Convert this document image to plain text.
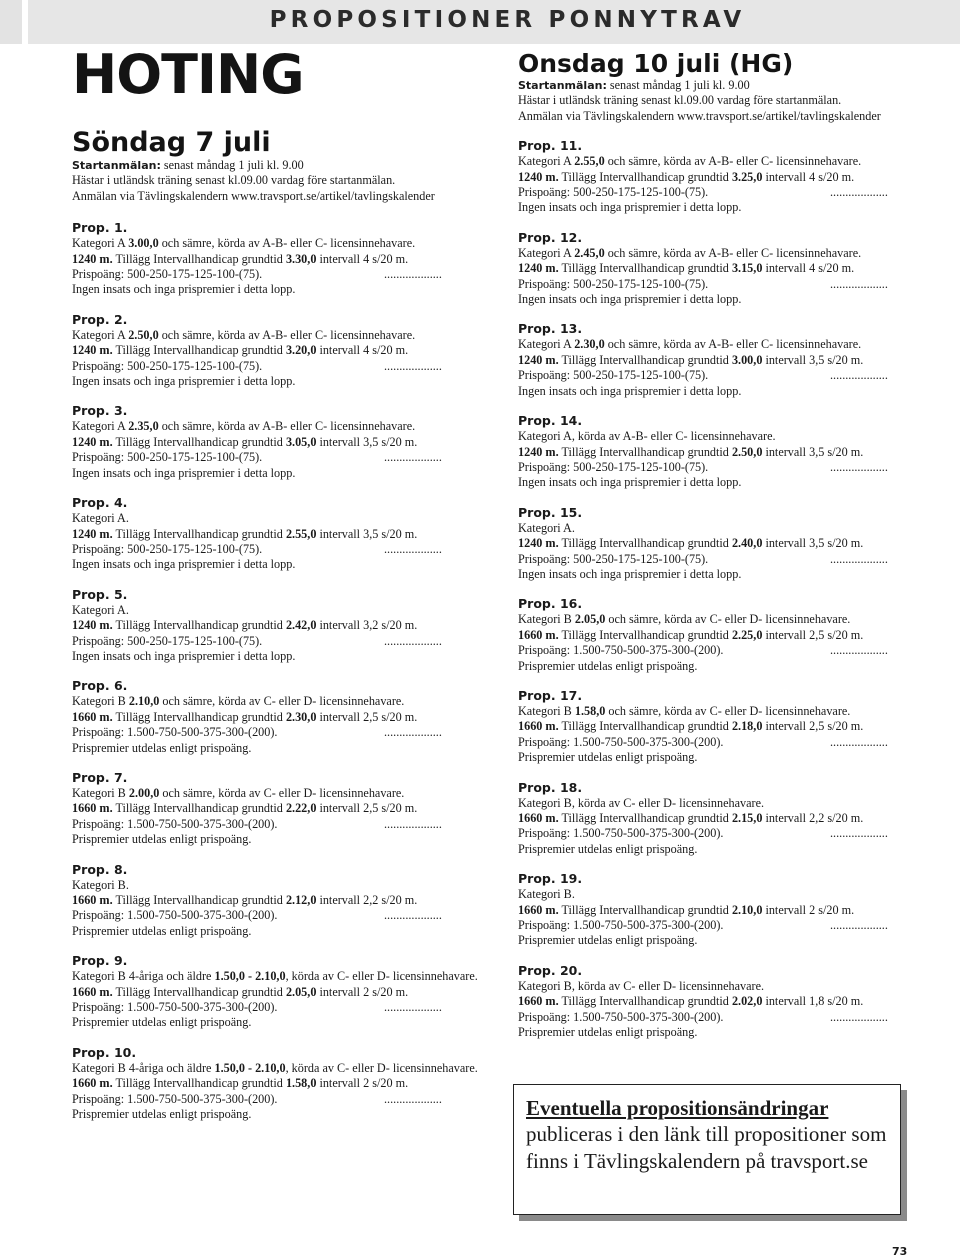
PROPOSITIONER PONNYTRAV
HOTING
Söndag 7 juli
Startanmälan: senast måndag 1 juli kl. 9.00
Hästar i utländsk träning senast kl.09.00 vardag före startanmälan.
Anmälan via Tävlingskalendern www.travsport.se/artikel/tavlingskalender
Prop. 1.
Kategori A 3.00,0 och sämre, körda av A-B- eller C- licensinnehavare.
1240 m. Tillägg Intervallhandicap grundtid 3.30,0 intervall 4 s/20 m.
Prispoäng: 500-250-175-125-100-(75).	...................
Ingen insats och inga prispremier i detta lopp.
Prop. 2.
Kategori A 2.50,0 och sämre, körda av A-B- eller C- licensinnehavare.
1240 m. Tillägg Intervallhandicap grundtid 3.20,0 intervall 4 s/20 m.
Prispoäng: 500-250-175-125-100-(75).	...................
Ingen insats och inga prispremier i detta lopp.
Prop. 3.
Kategori A 2.35,0 och sämre, körda av A-B- eller C- licensinnehavare.
1240 m. Tillägg Intervallhandicap grundtid 3.05,0 intervall 3,5 s/20 m.
Prispoäng: 500-250-175-125-100-(75).	...................
Ingen insats och inga prispremier i detta lopp.
Prop. 4.
Kategori A.
1240 m. Tillägg Intervallhandicap grundtid 2.55,0 intervall 3,5 s/20 m.
Prispoäng: 500-250-175-125-100-(75).	...................
Ingen insats och inga prispremier i detta lopp.
Prop. 5.
Kategori A.
1240 m. Tillägg Intervallhandicap grundtid 2.42,0 intervall 3,2 s/20 m.
Prispoäng: 500-250-175-125-100-(75).	...................
Ingen insats och inga prispremier i detta lopp.
Prop. 6.
Kategori B 2.10,0 och sämre, körda av C- eller D- licensinnehavare.
1660 m. Tillägg Intervallhandicap grundtid 2.30,0 intervall 2,5 s/20 m.
Prispoäng: 1.500-750-500-375-300-(200).	...................
Prispremier utdelas enligt prispoäng.
Prop. 7.
Kategori B 2.00,0 och sämre, körda av C- eller D- licensinnehavare.
1660 m. Tillägg Intervallhandicap grundtid 2.22,0 intervall 2,5 s/20 m.
Prispoäng: 1.500-750-500-375-300-(200).	...................
Prispremier utdelas enligt prispoäng.
Prop. 8.
Kategori B.
1660 m. Tillägg Intervallhandicap grundtid 2.12,0 intervall 2,2 s/20 m.
Prispoäng: 1.500-750-500-375-300-(200).	...................
Prispremier utdelas enligt prispoäng.
Prop. 9.
Kategori B 4-åriga och äldre 1.50,0 - 2.10,0, körda av C- eller D- licensinnehavare.
1660 m. Tillägg Intervallhandicap grundtid 2.05,0 intervall 2 s/20 m.
Prispoäng: 1.500-750-500-375-300-(200).	...................
Prispremier utdelas enligt prispoäng.
Prop. 10.
Kategori B 4-åriga och äldre 1.50,0 - 2.10,0, körda av C- eller D- licensinnehavare.
1660 m. Tillägg Intervallhandicap grundtid 1.58,0 intervall 2 s/20 m.
Prispoäng: 1.500-750-500-375-300-(200).	...................
Prispremier utdelas enligt prispoäng.
Onsdag 10 juli (HG)
Startanmälan: senast måndag 1 juli kl. 9.00
Hästar i utländsk träning senast kl.09.00 vardag före startanmälan.
Anmälan via Tävlingskalendern www.travsport.se/artikel/tavlingskalender
Prop. 11.
Kategori A 2.55,0 och sämre, körda av A-B- eller C- licensinnehavare.
1240 m. Tillägg Intervallhandicap grundtid 3.25,0 intervall 4 s/20 m.
Prispoäng: 500-250-175-125-100-(75).	...................
Ingen insats och inga prispremier i detta lopp.
Prop. 12.
Kategori A 2.45,0 och sämre, körda av A-B- eller C- licensinnehavare.
1240 m. Tillägg Intervallhandicap grundtid 3.15,0 intervall 4 s/20 m.
Prispoäng: 500-250-175-125-100-(75).	...................
Ingen insats och inga prispremier i detta lopp.
Prop. 13.
Kategori A 2.30,0 och sämre, körda av A-B- eller C- licensinnehavare.
1240 m. Tillägg Intervallhandicap grundtid 3.00,0 intervall 3,5 s/20 m.
Prispoäng: 500-250-175-125-100-(75).	...................
Ingen insats och inga prispremier i detta lopp.
Prop. 14.
Kategori A, körda av A-B- eller C- licensinnehavare.
1240 m. Tillägg Intervallhandicap grundtid 2.50,0 intervall 3,5 s/20 m.
Prispoäng: 500-250-175-125-100-(75).	...................
Ingen insats och inga prispremier i detta lopp.
Prop. 15.
Kategori A.
1240 m. Tillägg Intervallhandicap grundtid 2.40,0 intervall 3,5 s/20 m.
Prispoäng: 500-250-175-125-100-(75).	...................
Ingen insats och inga prispremier i detta lopp.
Prop. 16.
Kategori B 2.05,0 och sämre, körda av C- eller D- licensinnehavare.
1660 m. Tillägg Intervallhandicap grundtid 2.25,0 intervall 2,5 s/20 m.
Prispoäng: 1.500-750-500-375-300-(200).	...................
Prispremier utdelas enligt prispoäng.
Prop. 17.
Kategori B 1.58,0 och sämre, körda av C- eller D- licensinnehavare.
1660 m. Tillägg Intervallhandicap grundtid 2.18,0 intervall 2,5 s/20 m.
Prispoäng: 1.500-750-500-375-300-(200).	...................
Prispremier utdelas enligt prispoäng.
Prop. 18.
Kategori B, körda av C- eller D- licensinnehavare.
1660 m. Tillägg Intervallhandicap grundtid 2.15,0 intervall 2,2 s/20 m.
Prispoäng: 1.500-750-500-375-300-(200).	...................
Prispremier utdelas enligt prispoäng.
Prop. 19.
Kategori B.
1660 m. Tillägg Intervallhandicap grundtid 2.10,0 intervall 2 s/20 m.
Prispoäng: 1.500-750-500-375-300-(200).	...................
Prispremier utdelas enligt prispoäng.
Prop. 20.
Kategori B, körda av C- eller D- licensinnehavare.
1660 m. Tillägg Intervallhandicap grundtid 2.02,0 intervall 1,8 s/20 m.
Prispoäng: 1.500-750-500-375-300-(200).	...................
Prispremier utdelas enligt prispoäng.
Eventuella propositionsändringar
publiceras i den länk till propositioner som finns i Tävlingskalendern på travsport.se
73
